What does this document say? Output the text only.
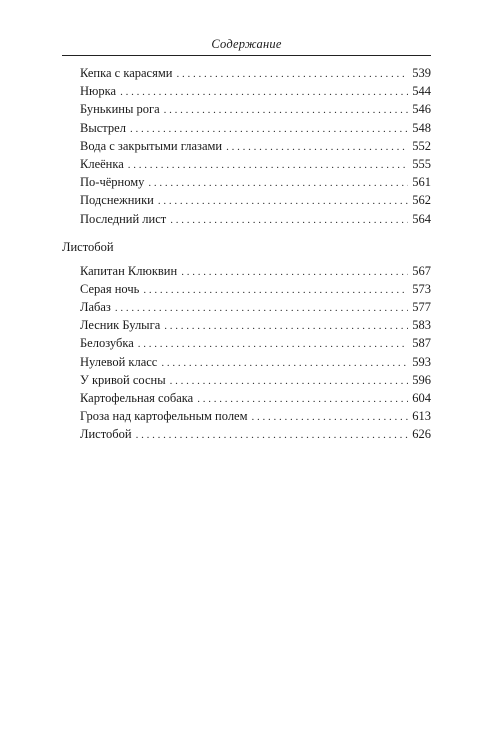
Содержание
Кепка с карасями . . .	539
Нюрка . . .	544
Бунькины рога . . .	546
Выстрел . . .	548
Вода с закрытыми глазами . . .	552
Клеёнка . . .	555
По-чёрному . . .	561
Подснежники . . .	562
Последний лист . . .	564
Листобой
Капитан Клюквин . . .	567
Серая ночь . . .	573
Лабаз . . .	577
Лесник Булыга . . .	583
Белозубка . . .	587
Нулевой класс . . .	593
У кривой сосны . . .	596
Картофельная собака . . .	604
Гроза над картофельным полем . . .	613
Листобой . . .	626
